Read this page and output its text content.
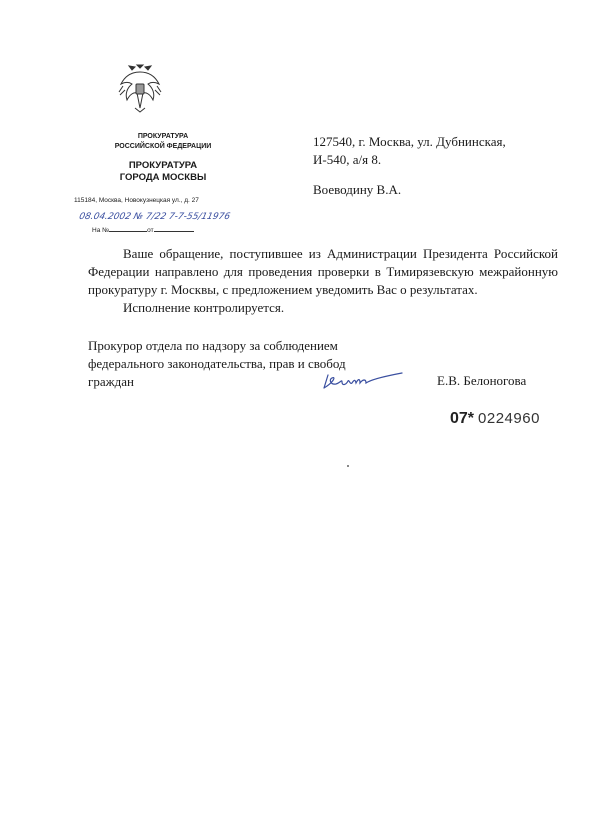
ПРОКУРАТУРА
РОССИЙСКОЙ ФЕДЕРАЦИИ
ПРОКУРАТУРА
ГОРОДА МОСКВЫ
115184, Москва, Новокузнецкая ул., д. 27
08.04.2002 № 7/22 7-7-55/11976
На №	от
127540, г. Москва, ул. Дубнинская,
И-540, а/я 8.
Воеводину В.А.

Ваше обращение, поступившее из Администрации Президента Российской Федерации направлено для проведения проверки в Тимирязевскую межрайонную прокуратуру г. Москвы, с предложением уведомить Вас о результатах.

Исполнение контролируется.

Прокурор отдела по надзору за соблюдением
федерального законодательства, прав и свобод
граждан	Е.В. Белоногова
07* 0224960
